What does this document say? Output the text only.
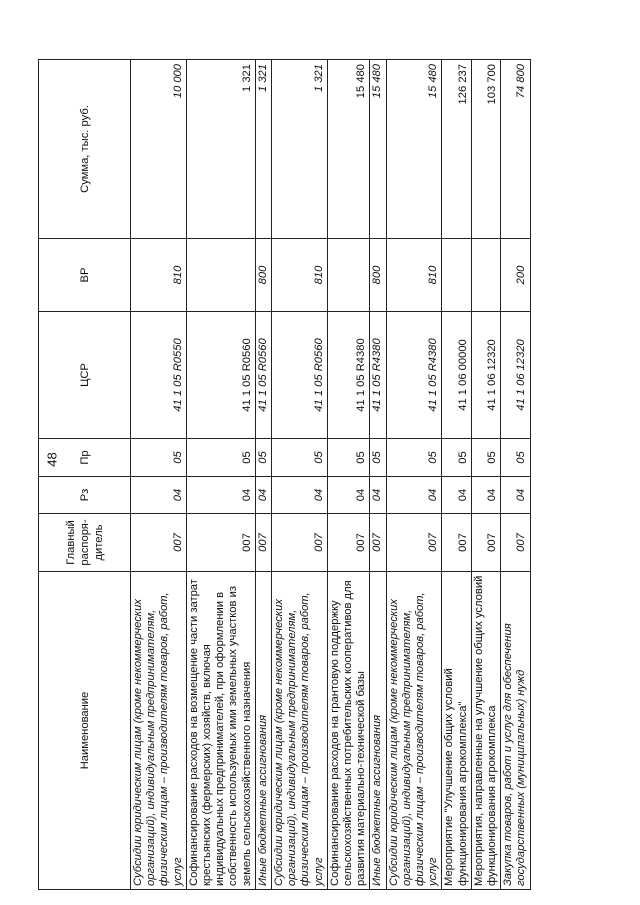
48
Наименование	Главный распоря-дитель	Рз	Пр	ЦСР	ВР	Сумма, тыс. руб.
Субсидии юридическим лицам (кроме некоммерческих организаций), индивидуальным предпринимателям, физическим лицам – производителям товаров, работ, услуг	007	04	05	41 1 05 R0550	810	10 000
Софинансирование расходов на возмещение части затрат крестьянских (фермерских) хозяйств, включая индивидуальных предпринимателей, при оформлении в собственность используемых ими земельных участков из земель сельскохозяйственного назначения	007	04	05	41 1 05 R0560		1 321
Иные бюджетные ассигнования	007	04	05	41 1 05 R0560	800	1 321
Субсидии юридическим лицам (кроме некоммерческих организаций), индивидуальным предпринимателям, физическим лицам – производителям товаров, работ, услуг	007	04	05	41 1 05 R0560	810	1 321
Софинансирование расходов на грантовую поддержку сельскохозяйственных потребительских кооперативов для развития материально-технической базы	007	04	05	41 1 05 R4380		15 480
Иные бюджетные ассигнования	007	04	05	41 1 05 R4380	800	15 480
Субсидии юридическим лицам (кроме некоммерческих организаций), индивидуальным предпринимателям, физическим лицам – производителям товаров, работ, услуг	007	04	05	41 1 05 R4380	810	15 480
Мероприятие "Улучшение общих условий функционирования агрокомплекса"	007	04	05	41 1 06 00000		126 237
Мероприятия, направленные на улучшение общих условий функционирования агрокомплекса	007	04	05	41 1 06 12320		103 700
Закупка товаров, работ и услуг для обеспечения государственных (муниципальных) нужд	007	04	05	41 1 06 12320	200	74 800
